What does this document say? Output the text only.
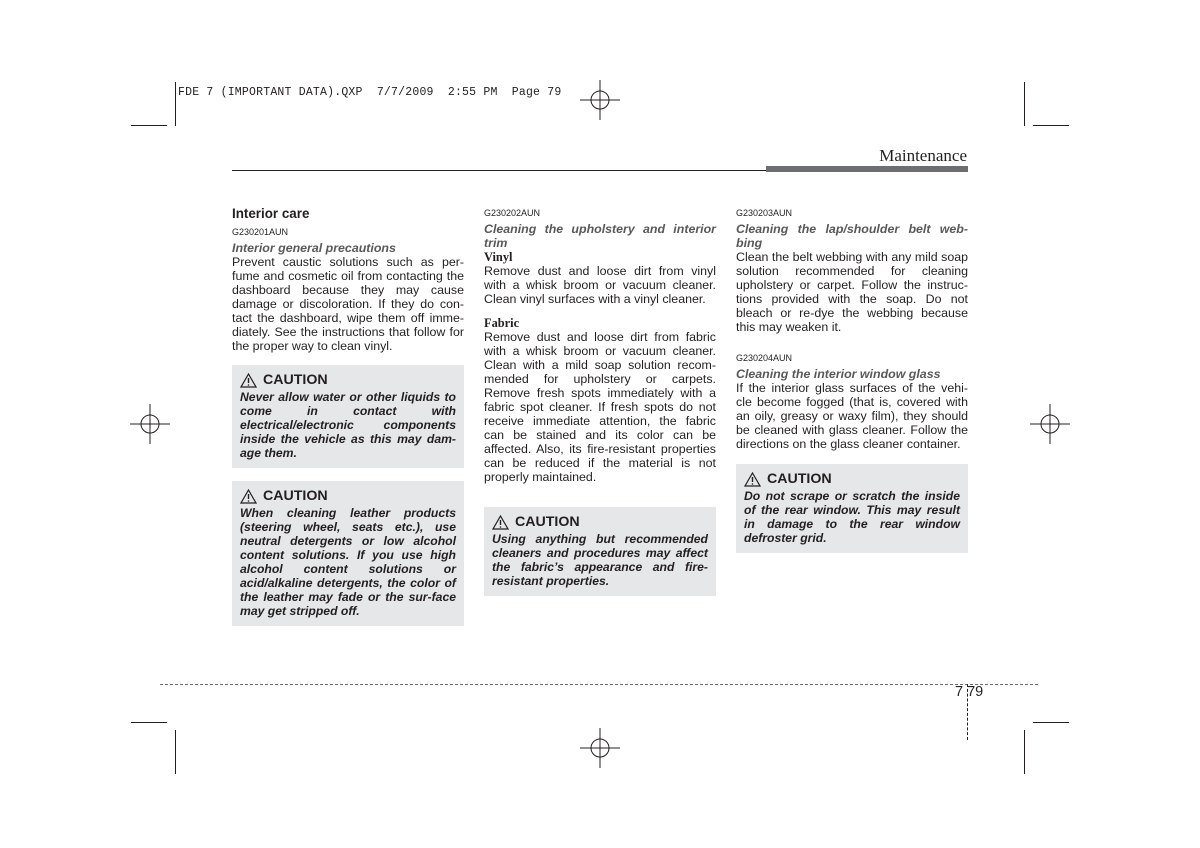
FDE 7 (IMPORTANT DATA).QXP  7/7/2009  2:55 PM  Page 79
Maintenance
Interior care
G230201AUN

Interior general precautions

Prevent caustic solutions such as per-fume and cosmetic oil from contacting the dashboard because they may cause damage or discoloration. If they do con-tact the dashboard, wipe them off imme-diately. See the instructions that follow for the proper way to clean vinyl.

CAUTION

Never allow water or other liquids to come in contact with electrical/electronic components inside the vehicle as this may dam-age them.

CAUTION

When cleaning leather products (steering wheel, seats etc.), use neutral detergents or low alcohol content solutions. If you use high alcohol content solutions or acid/alkaline detergents, the color of the leather may fade or the sur-face may get stripped off.

G230202AUN

Cleaning the upholstery and interior trim

Vinyl

Remove dust and loose dirt from vinyl with a whisk broom or vacuum cleaner. Clean vinyl surfaces with a vinyl cleaner.

Fabric

Remove dust and loose dirt from fabric with a whisk broom or vacuum cleaner. Clean with a mild soap solution recom-mended for upholstery or carpets. Remove fresh spots immediately with a fabric spot cleaner. If fresh spots do not receive immediate attention, the fabric can be stained and its color can be affected. Also, its fire-resistant properties can be reduced if the material is not properly maintained.

CAUTION

Using anything but recommended cleaners and procedures may affect the fabric’s appearance and fire-resistant properties.

G230203AUN

Cleaning the lap/shoulder belt web-bing

Clean the belt webbing with any mild soap solution recommended for cleaning upholstery or carpet. Follow the instruc-tions provided with the soap. Do not bleach or re-dye the webbing because this may weaken it.

G230204AUN

Cleaning the interior window glass

If the interior glass surfaces of the vehi-cle become fogged (that is, covered with an oily, greasy or waxy film), they should be cleaned with glass cleaner. Follow the directions on the glass cleaner container.

CAUTION

Do not scrape or scratch the inside of the rear window. This may result in damage to the rear window defroster grid.

7 79
